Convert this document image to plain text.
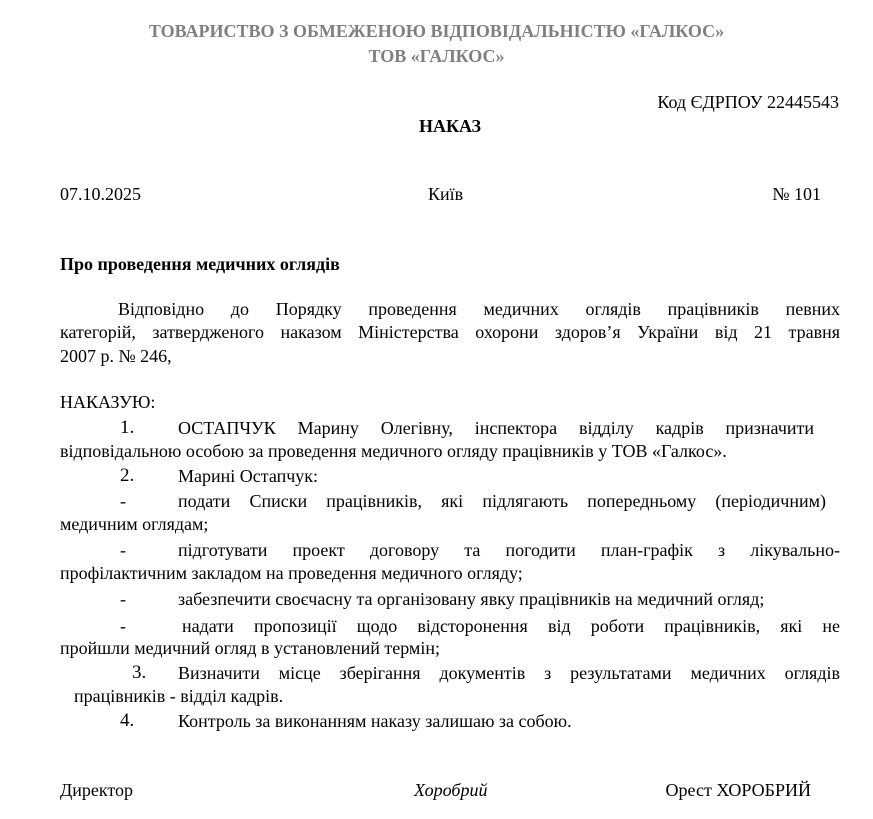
ТОВАРИСТВО З ОБМЕЖЕНОЮ ВІДПОВІДАЛЬНІСТЮ «ГАЛКОС»
ТОВ «ГАЛКОС»
Код ЄДРПОУ 22445543
НАКАЗ
07.10.2025	Київ	№ 101
Про проведення медичних оглядів
Відповідно до Порядку проведення медичних оглядів працівників певних
категорій, затвердженого наказом Міністерства охорони здоров’я України від 21 травня
2007 р. № 246,
НАКАЗУЮ:
1. ОСТАПЧУК Марину Олегівну, інспектора відділу кадрів призначити
відповідальною особою за проведення медичного огляду працівників у ТОВ «Галкос».
2. Марині Остапчук:
-	подати Списки працівників, які підлягають попередньому (періодичним)
медичним оглядам;
-	підготувати проект договору та погодити план-графік з лікувально-
профілактичним закладом на проведення медичного огляду;
-	забезпечити своєчасну та організовану явку працівників на медичний огляд;
-	надати пропозиції щодо відсторонення від роботи працівників, які не
пройшли медичний огляд в установлений термін;
3. Визначити місце зберігання документів з результатами медичних оглядів
працівників - відділ кадрів.
4. Контроль за виконанням наказу залишаю за собою.
Директор	Хоробрий	Орест ХОРОБРИЙ
